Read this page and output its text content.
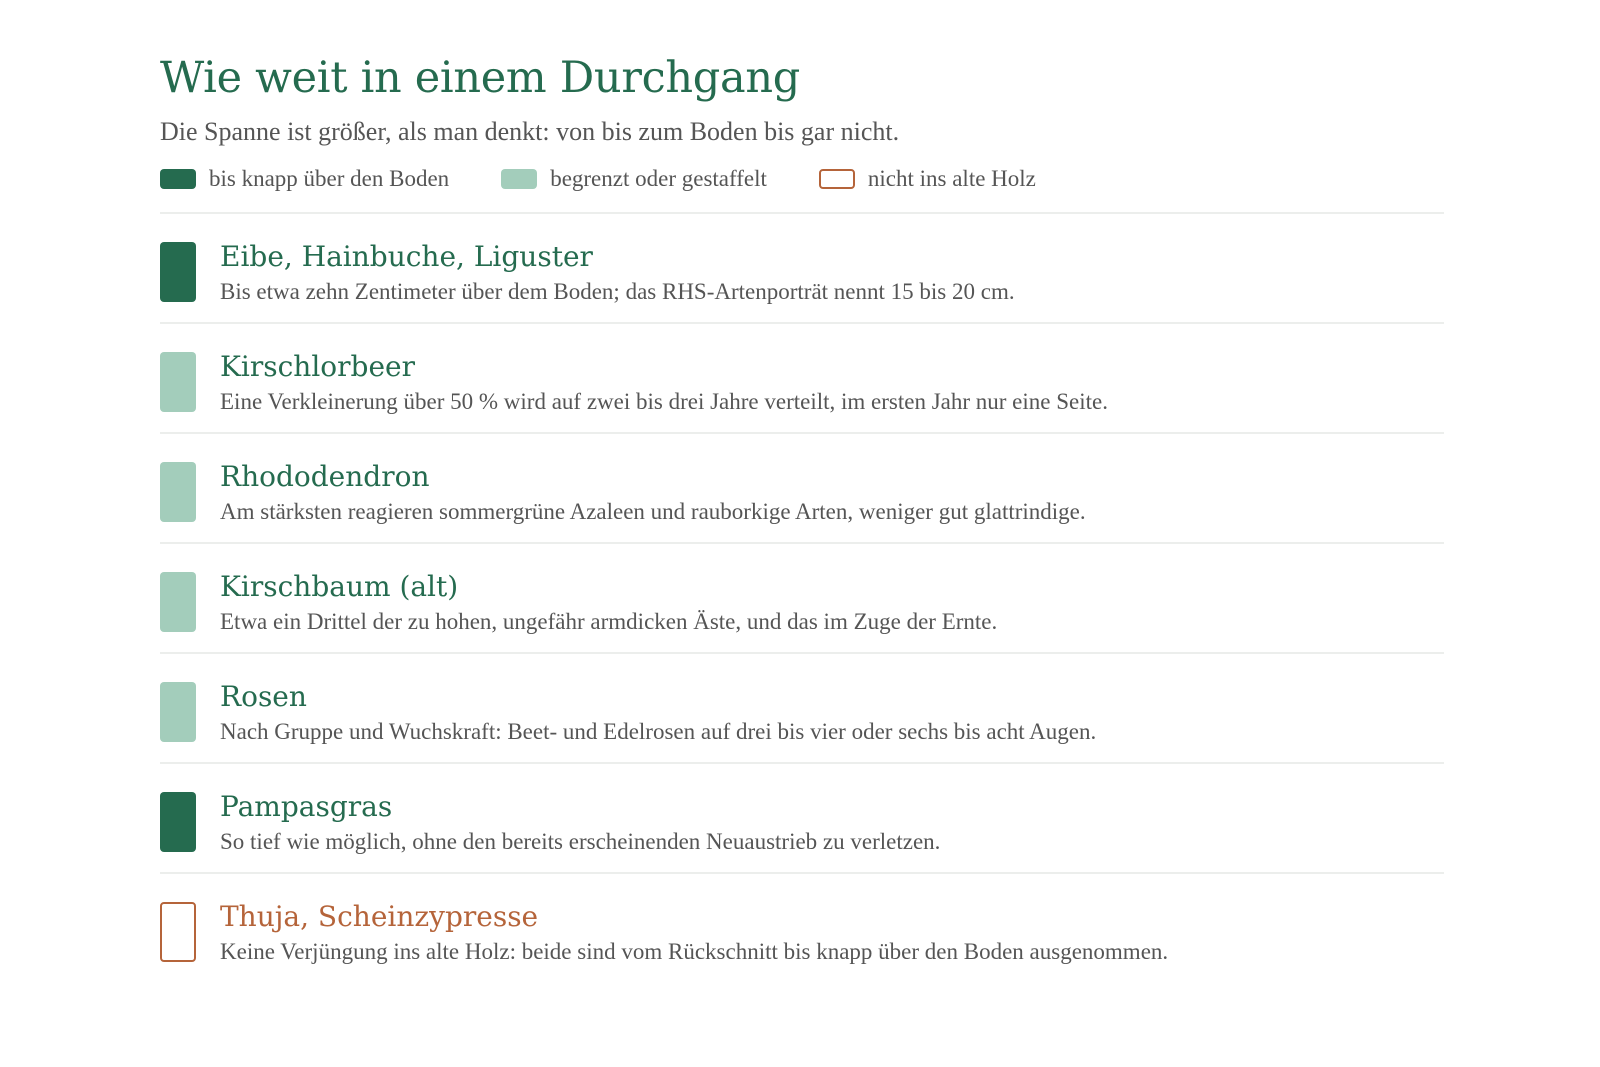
Wie weit in einem Durchgang
Die Spanne ist größer, als man denkt: von bis zum Boden bis gar nicht.
bis knapp über den Boden	begrenzt oder gestaffelt	nicht ins alte Holz
Eibe, Hainbuche, Liguster
Bis etwa zehn Zentimeter über dem Boden; das RHS-Artenporträt nennt 15 bis 20 cm.
Kirschlorbeer
Eine Verkleinerung über 50 % wird auf zwei bis drei Jahre verteilt, im ersten Jahr nur eine Seite.
Rhododendron
Am stärksten reagieren sommergrüne Azaleen und rauborkige Arten, weniger gut glattrindige.
Kirschbaum (alt)
Etwa ein Drittel der zu hohen, ungefähr armdicken Äste, und das im Zuge der Ernte.
Rosen
Nach Gruppe und Wuchskraft: Beet- und Edelrosen auf drei bis vier oder sechs bis acht Augen.
Pampasgras
So tief wie möglich, ohne den bereits erscheinenden Neuaustrieb zu verletzen.
Thuja, Scheinzypresse
Keine Verjüngung ins alte Holz: beide sind vom Rückschnitt bis knapp über den Boden ausgenommen.
